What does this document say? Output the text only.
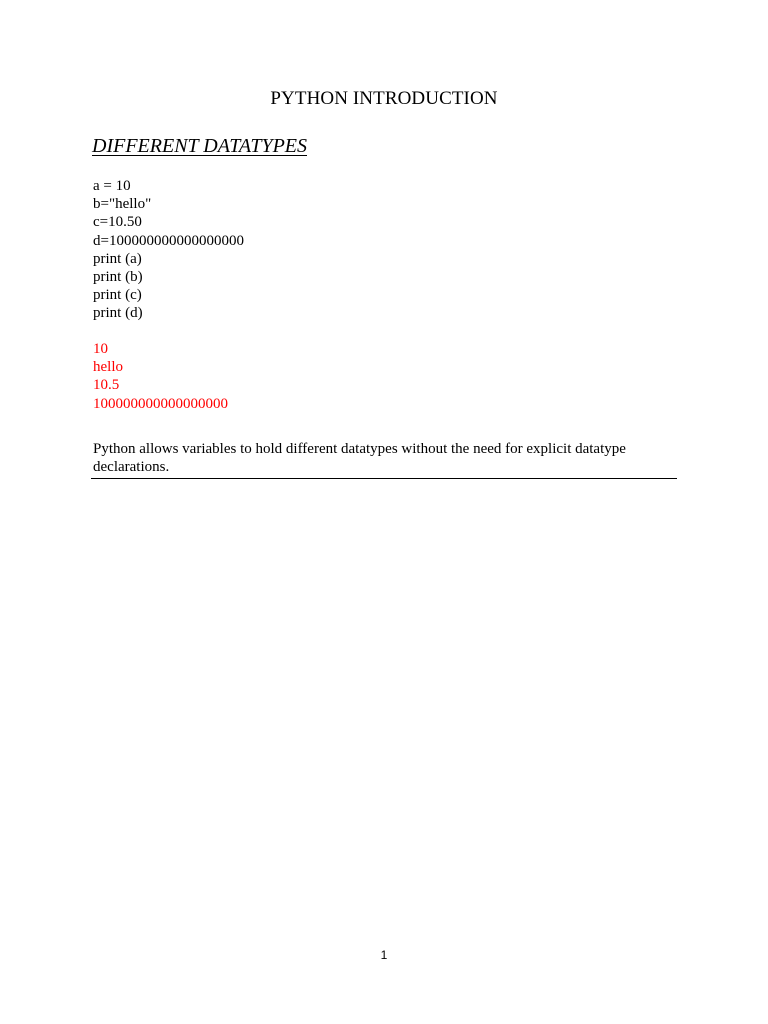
PYTHON INTRODUCTION
DIFFERENT DATATYPES
a = 10
b="hello"
c=10.50
d=100000000000000000
print (a)
print (b)
print (c)
print (d)
10
hello
10.5
100000000000000000
Python allows variables to hold different datatypes without the need for explicit datatype
declarations.
1
